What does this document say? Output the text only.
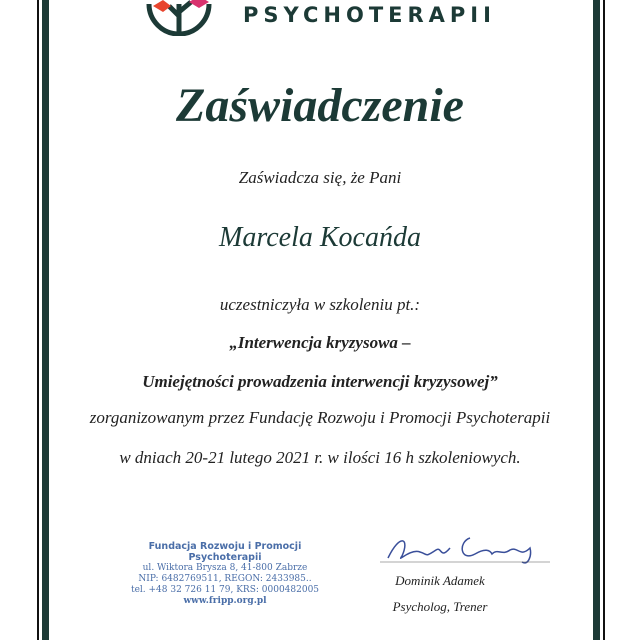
PSYCHOTERAPII
Zaświadczenie
Zaświadcza się, że Pani
Marcela Kocańda
uczestniczyła w szkoleniu pt.:
„Interwencja kryzysowa –
Umiejętności prowadzenia interwencji kryzysowej”
zorganizowanym przez Fundację Rozwoju i Promocji Psychoterapii
w dniach 20-21 lutego 2021 r. w ilości 16 h szkoleniowych.
Fundacja Rozwoju i Promocji Psychoterapii
ul. Wiktora Brysza 8, 41-800 Zabrze
NIP: 6482769511, REGON: 2433985..
tel. +48 32 726 11 79, KRS: 0000482005
www.fripp.org.pl
Dominik Adamek
Psycholog, Trener
